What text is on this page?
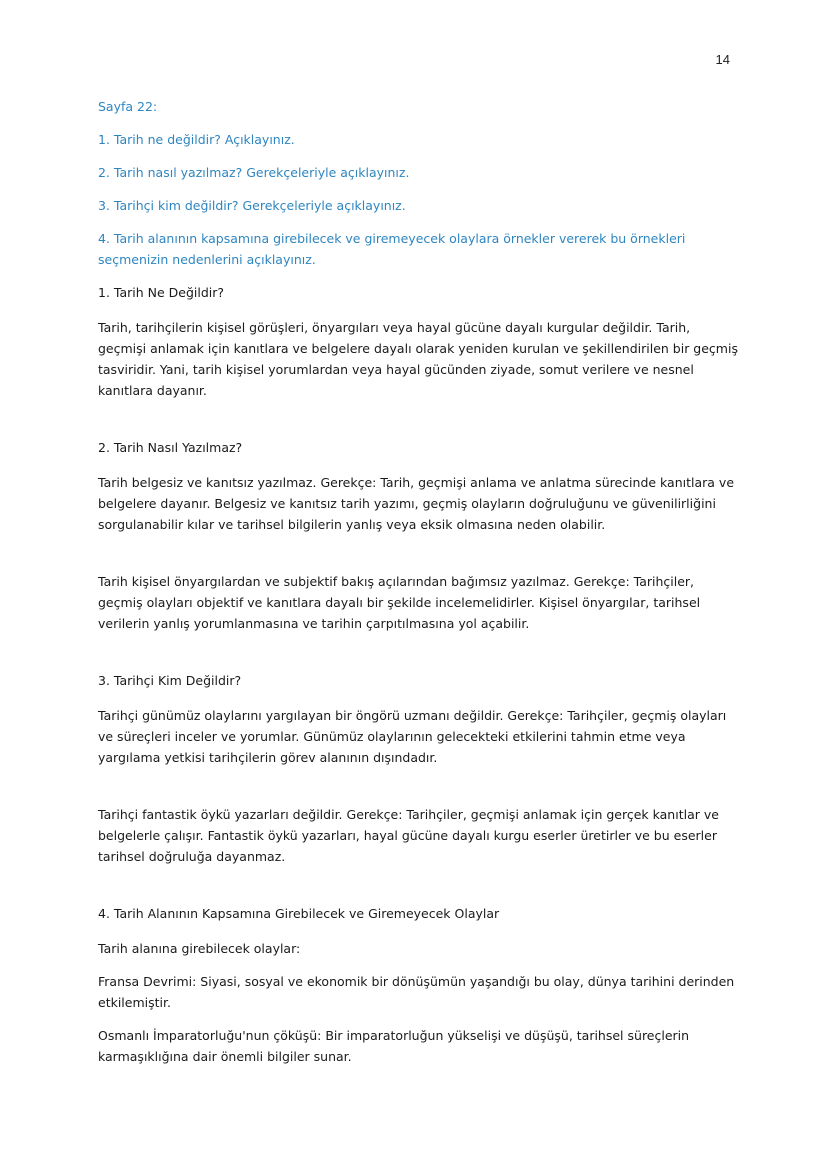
14

Sayfa 22:

1. Tarih ne değildir? Açıklayınız.

2. Tarih nasıl yazılmaz? Gerekçeleriyle açıklayınız.

3. Tarihçi kim değildir? Gerekçeleriyle açıklayınız.

4. Tarih alanının kapsamına girebilecek ve giremeyecek olaylara örnekler vererek bu örnekleri seçmenizin nedenlerini açıklayınız.

1. Tarih Ne Değildir?

Tarih, tarihçilerin kişisel görüşleri, önyargıları veya hayal gücüne dayalı kurgular değildir. Tarih, geçmişi anlamak için kanıtlara ve belgelere dayalı olarak yeniden kurulan ve şekillendirilen bir geçmiş tasviridir. Yani, tarih kişisel yorumlardan veya hayal gücünden ziyade, somut verilere ve nesnel kanıtlara dayanır.

2. Tarih Nasıl Yazılmaz?

Tarih belgesiz ve kanıtsız yazılmaz. Gerekçe: Tarih, geçmişi anlama ve anlatma sürecinde kanıtlara ve belgelere dayanır. Belgesiz ve kanıtsız tarih yazımı, geçmiş olayların doğruluğunu ve güvenilirliğini sorgulanabilir kılar ve tarihsel bilgilerin yanlış veya eksik olmasına neden olabilir.

Tarih kişisel önyargılardan ve subjektif bakış açılarından bağımsız yazılmaz. Gerekçe: Tarihçiler, geçmiş olayları objektif ve kanıtlara dayalı bir şekilde incelemelidirler. Kişisel önyargılar, tarihsel verilerin yanlış yorumlanmasına ve tarihin çarpıtılmasına yol açabilir.

3. Tarihçi Kim Değildir?

Tarihçi günümüz olaylarını yargılayan bir öngörü uzmanı değildir. Gerekçe: Tarihçiler, geçmiş olayları ve süreçleri inceler ve yorumlar. Günümüz olaylarının gelecekteki etkilerini tahmin etme veya yargılama yetkisi tarihçilerin görev alanının dışındadır.

Tarihçi fantastik öykü yazarları değildir. Gerekçe: Tarihçiler, geçmişi anlamak için gerçek kanıtlar ve belgelerle çalışır. Fantastik öykü yazarları, hayal gücüne dayalı kurgu eserler üretirler ve bu eserler tarihsel doğruluğa dayanmaz.

4. Tarih Alanının Kapsamına Girebilecek ve Giremeyecek Olaylar

Tarih alanına girebilecek olaylar:

Fransa Devrimi: Siyasi, sosyal ve ekonomik bir dönüşümün yaşandığı bu olay, dünya tarihini derinden etkilemiştir.

Osmanlı İmparatorluğu'nun çöküşü: Bir imparatorluğun yükselişi ve düşüşü, tarihsel süreçlerin karmaşıklığına dair önemli bilgiler sunar.
